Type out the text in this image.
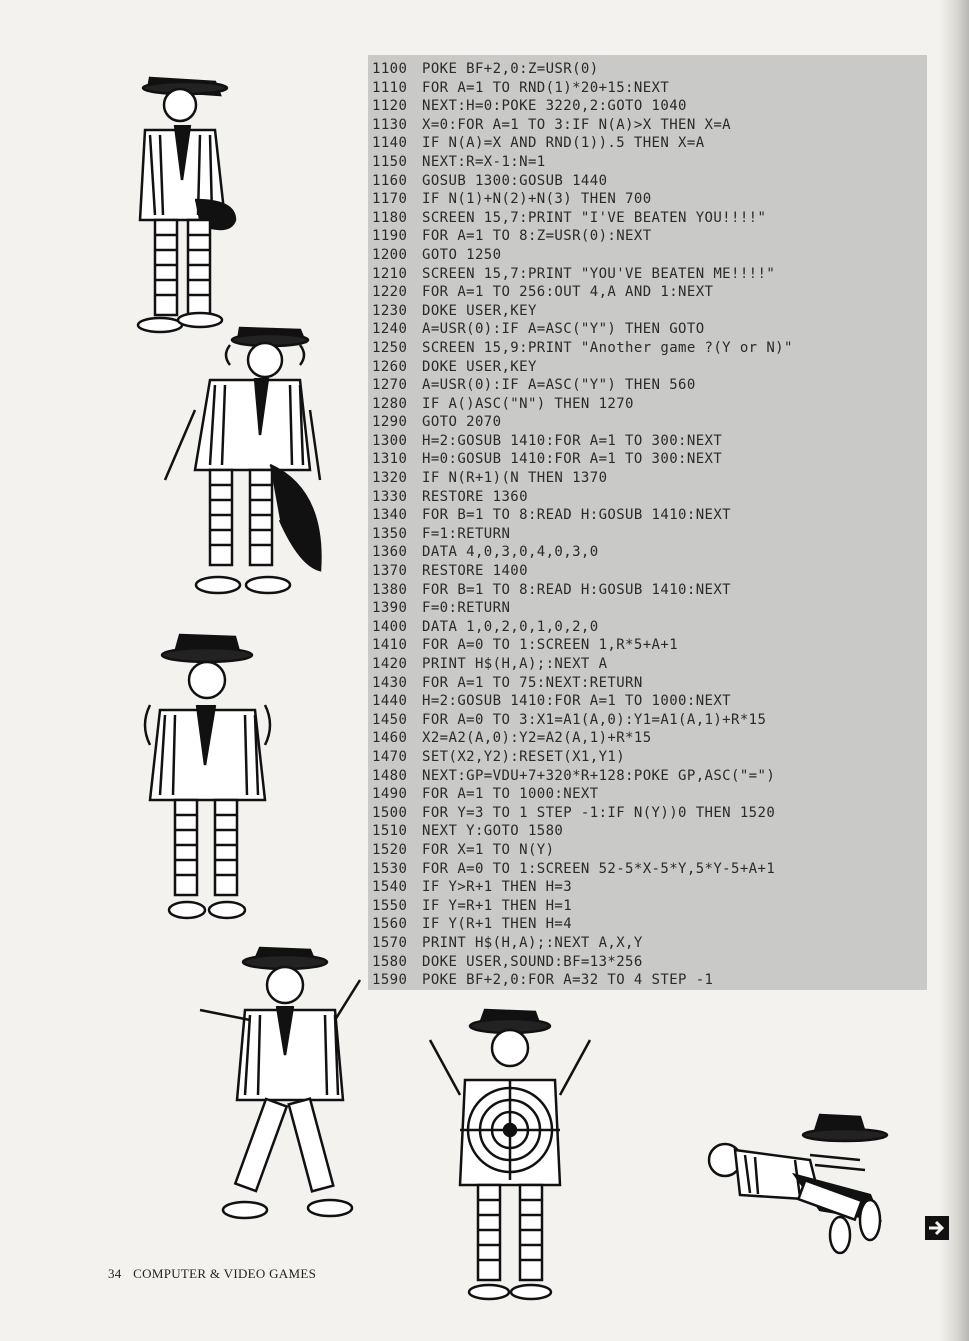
1100 POKE BF+2,0:Z=USR(0)
1110 FOR A=1 TO RND(1)*20+15:NEXT
1120 NEXT:H=0:POKE 3220,2:GOTO 1040
1130 X=0:FOR A=1 TO 3:IF N(A)>X THEN X=A
1140 IF N(A)=X AND RND(1)).5 THEN X=A
1150 NEXT:R=X-1:N=1
1160 GOSUB 1300:GOSUB 1440
1170 IF N(1)+N(2)+N(3) THEN 700
1180 SCREEN 15,7:PRINT "I'VE BEATEN YOU!!!!"
1190 FOR A=1 TO 8:Z=USR(0):NEXT
1200 GOTO 1250
1210 SCREEN 15,7:PRINT "YOU'VE BEATEN ME!!!!"
1220 FOR A=1 TO 256:OUT 4,A AND 1:NEXT
1230 DOKE USER,KEY
1240 A=USR(0):IF A=ASC("Y") THEN GOTO
1250 SCREEN 15,9:PRINT "Another game ?(Y or N)"
1260 DOKE USER,KEY
1270 A=USR(0):IF A=ASC("Y") THEN 560
1280 IF A()ASC("N") THEN 1270
1290 GOTO 2070
1300 H=2:GOSUB 1410:FOR A=1 TO 300:NEXT
1310 H=0:GOSUB 1410:FOR A=1 TO 300:NEXT
1320 IF N(R+1)(N THEN 1370
1330 RESTORE 1360
1340 FOR B=1 TO 8:READ H:GOSUB 1410:NEXT
1350 F=1:RETURN
1360 DATA 4,0,3,0,4,0,3,0
1370 RESTORE 1400
1380 FOR B=1 TO 8:READ H:GOSUB 1410:NEXT
1390 F=0:RETURN
1400 DATA 1,0,2,0,1,0,2,0
1410 FOR A=0 TO 1:SCREEN 1,R*5+A+1
1420 PRINT H$(H,A);:NEXT A
1430 FOR A=1 TO 75:NEXT:RETURN
1440 H=2:GOSUB 1410:FOR A=1 TO 1000:NEXT
1450 FOR A=0 TO 3:X1=A1(A,0):Y1=A1(A,1)+R*15
1460 X2=A2(A,0):Y2=A2(A,1)+R*15
1470 SET(X2,Y2):RESET(X1,Y1)
1480 NEXT:GP=VDU+7+320*R+128:POKE GP,ASC("=")
1490 FOR A=1 TO 1000:NEXT
1500 FOR Y=3 TO 1 STEP -1:IF N(Y))0 THEN 1520
1510 NEXT Y:GOTO 1580
1520 FOR X=1 TO N(Y)
1530 FOR A=0 TO 1:SCREEN 52-5*X-5*Y,5*Y-5+A+1
1540 IF Y>R+1 THEN H=3
1550 IF Y=R+1 THEN H=1
1560 IF Y(R+1 THEN H=4
1570 PRINT H$(H,A);:NEXT A,X,Y
1580 DOKE USER,SOUND:BF=13*256
1590 POKE BF+2,0:FOR A=32 TO 4 STEP -1
34 COMPUTER & VIDEO GAMES
